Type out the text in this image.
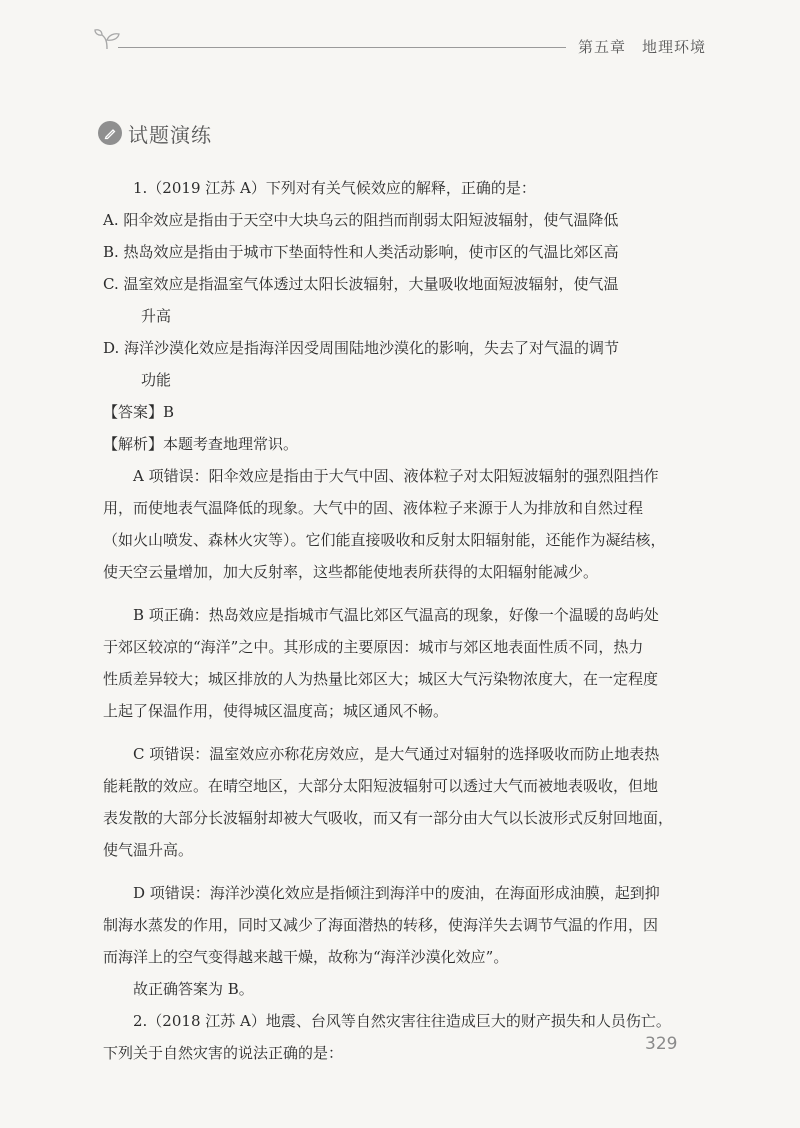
第五章　地理环境
试题演练

1.（2019 江苏 A）下列对有关气候效应的解释，正确的是：

A. 阳伞效应是指由于天空中大块乌云的阻挡而削弱太阳短波辐射，使气温降低

B. 热岛效应是指由于城市下垫面特性和人类活动影响，使市区的气温比郊区高

C. 温室效应是指温室气体透过太阳长波辐射，大量吸收地面短波辐射，使气温

升高

D. 海洋沙漠化效应是指海洋因受周围陆地沙漠化的影响，失去了对气温的调节

功能

【答案】B

【解析】本题考查地理常识。

A 项错误：阳伞效应是指由于大气中固、液体粒子对太阳短波辐射的强烈阻挡作

用，而使地表气温降低的现象。大气中的固、液体粒子来源于人为排放和自然过程

（如火山喷发、森林火灾等）。它们能直接吸收和反射太阳辐射能，还能作为凝结核，

使天空云量增加，加大反射率，这些都能使地表所获得的太阳辐射能减少。

B 项正确：热岛效应是指城市气温比郊区气温高的现象，好像一个温暖的岛屿处

于郊区较凉的“海洋”之中。其形成的主要原因：城市与郊区地表面性质不同，热力

性质差异较大；城区排放的人为热量比郊区大；城区大气污染物浓度大，在一定程度

上起了保温作用，使得城区温度高；城区通风不畅。

C 项错误：温室效应亦称花房效应，是大气通过对辐射的选择吸收而防止地表热

能耗散的效应。在晴空地区，大部分太阳短波辐射可以透过大气而被地表吸收，但地

表发散的大部分长波辐射却被大气吸收，而又有一部分由大气以长波形式反射回地面，

使气温升高。

D 项错误：海洋沙漠化效应是指倾注到海洋中的废油，在海面形成油膜，起到抑

制海水蒸发的作用，同时又减少了海面潜热的转移，使海洋失去调节气温的作用，因

而海洋上的空气变得越来越干燥，故称为“海洋沙漠化效应”。

故正确答案为 B。

2.（2018 江苏 A）地震、台风等自然灾害往往造成巨大的财产损失和人员伤亡。

下列关于自然灾害的说法正确的是：	329
